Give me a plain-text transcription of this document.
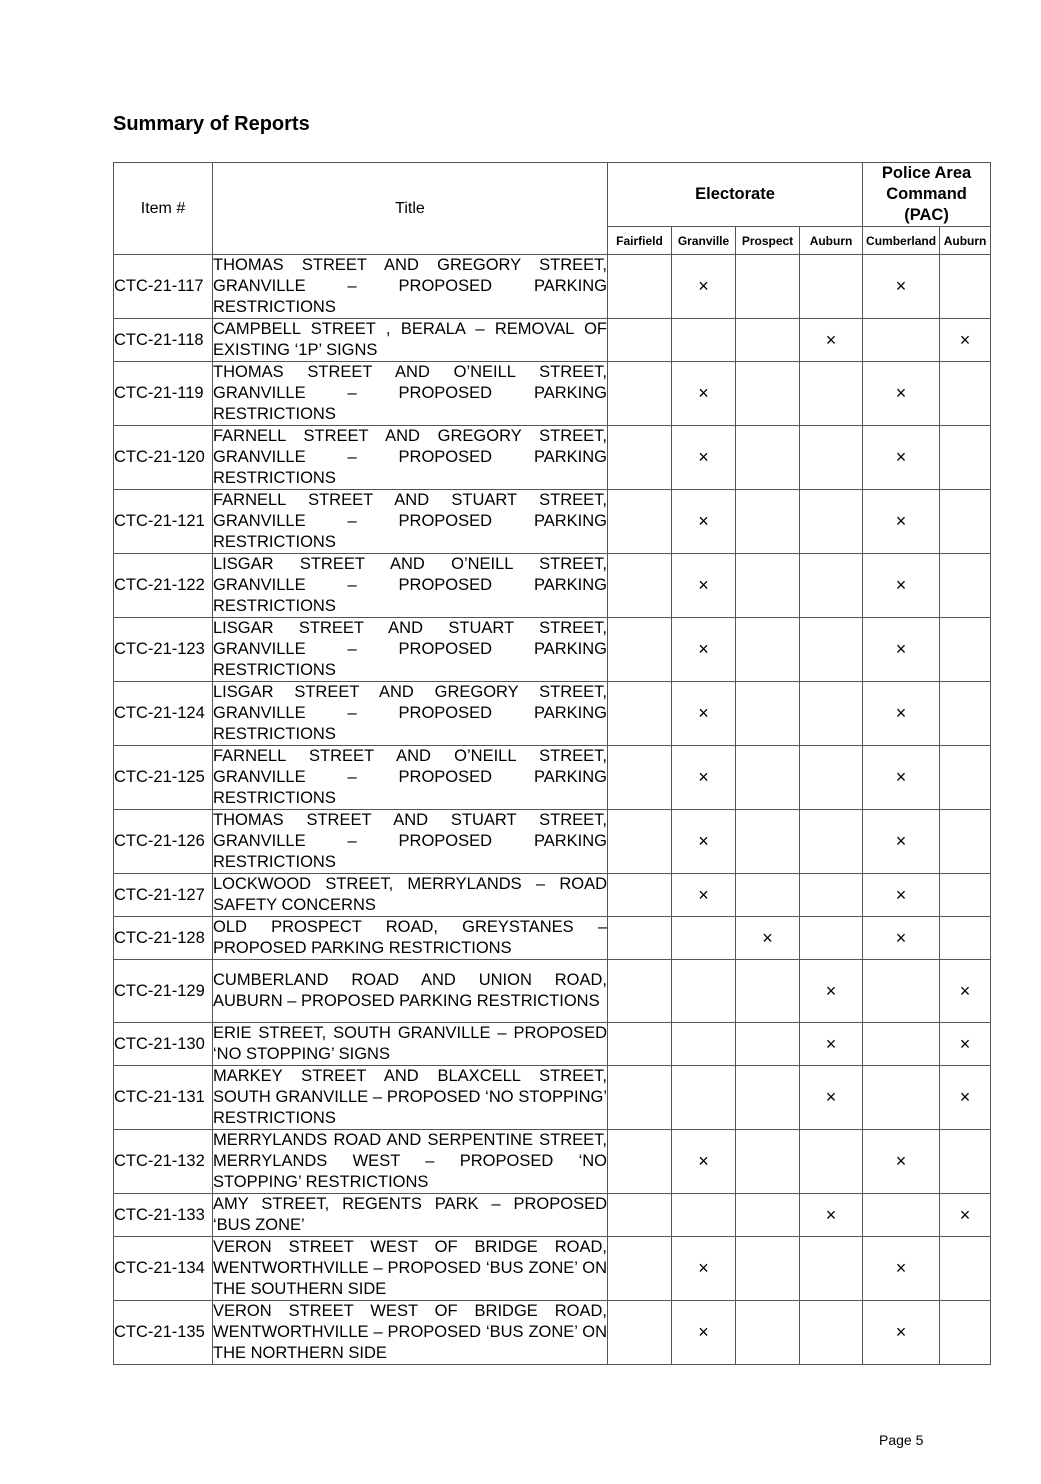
Summary of Reports
Item #	Title	Electorate				Police Area Command (PAC)	
		Fairfield	Granville	Prospect	Auburn	Cumberland	Auburn
CTC-21-117	THOMAS STREET AND GREGORY STREET, GRANVILLE – PROPOSED PARKING RESTRICTIONS		×			×	
CTC-21-118	CAMPBELL STREET , BERALA – REMOVAL OF EXISTING ‘1P’ SIGNS				×		×
CTC-21-119	THOMAS STREET AND O’NEILL STREET, GRANVILLE – PROPOSED PARKING RESTRICTIONS		×			×	
CTC-21-120	FARNELL STREET AND GREGORY STREET, GRANVILLE – PROPOSED PARKING RESTRICTIONS		×			×	
CTC-21-121	FARNELL STREET AND STUART STREET, GRANVILLE – PROPOSED PARKING RESTRICTIONS		×			×	
CTC-21-122	LISGAR STREET AND O’NEILL STREET, GRANVILLE – PROPOSED PARKING RESTRICTIONS		×			×	
CTC-21-123	LISGAR STREET AND STUART STREET, GRANVILLE – PROPOSED PARKING RESTRICTIONS		×			×	
CTC-21-124	LISGAR STREET AND GREGORY STREET, GRANVILLE – PROPOSED PARKING RESTRICTIONS		×			×	
CTC-21-125	FARNELL STREET AND O’NEILL STREET, GRANVILLE – PROPOSED PARKING RESTRICTIONS		×			×	
CTC-21-126	THOMAS STREET AND STUART STREET, GRANVILLE – PROPOSED PARKING RESTRICTIONS		×			×	
CTC-21-127	LOCKWOOD STREET, MERRYLANDS – ROAD SAFETY CONCERNS		×			×	
CTC-21-128	OLD PROSPECT ROAD, GREYSTANES – PROPOSED PARKING RESTRICTIONS			×		×	
CTC-21-129	CUMBERLAND ROAD AND UNION ROAD, AUBURN – PROPOSED PARKING RESTRICTIONS				×		×
CTC-21-130	ERIE STREET, SOUTH GRANVILLE – PROPOSED ‘NO STOPPING’ SIGNS				×		×
CTC-21-131	MARKEY STREET AND BLAXCELL STREET, SOUTH GRANVILLE – PROPOSED ‘NO STOPPING’ RESTRICTIONS				×		×
CTC-21-132	MERRYLANDS ROAD AND SERPENTINE STREET, MERRYLANDS WEST – PROPOSED ‘NO STOPPING’ RESTRICTIONS		×			×	
CTC-21-133	AMY STREET, REGENTS PARK – PROPOSED ‘BUS ZONE’				×		×
CTC-21-134	VERON STREET WEST OF BRIDGE ROAD, WENTWORTHVILLE – PROPOSED ‘BUS ZONE’ ON THE SOUTHERN SIDE		×			×	
CTC-21-135	VERON STREET WEST OF BRIDGE ROAD, WENTWORTHVILLE – PROPOSED ‘BUS ZONE’ ON THE NORTHERN SIDE		×			×	
Page 5
